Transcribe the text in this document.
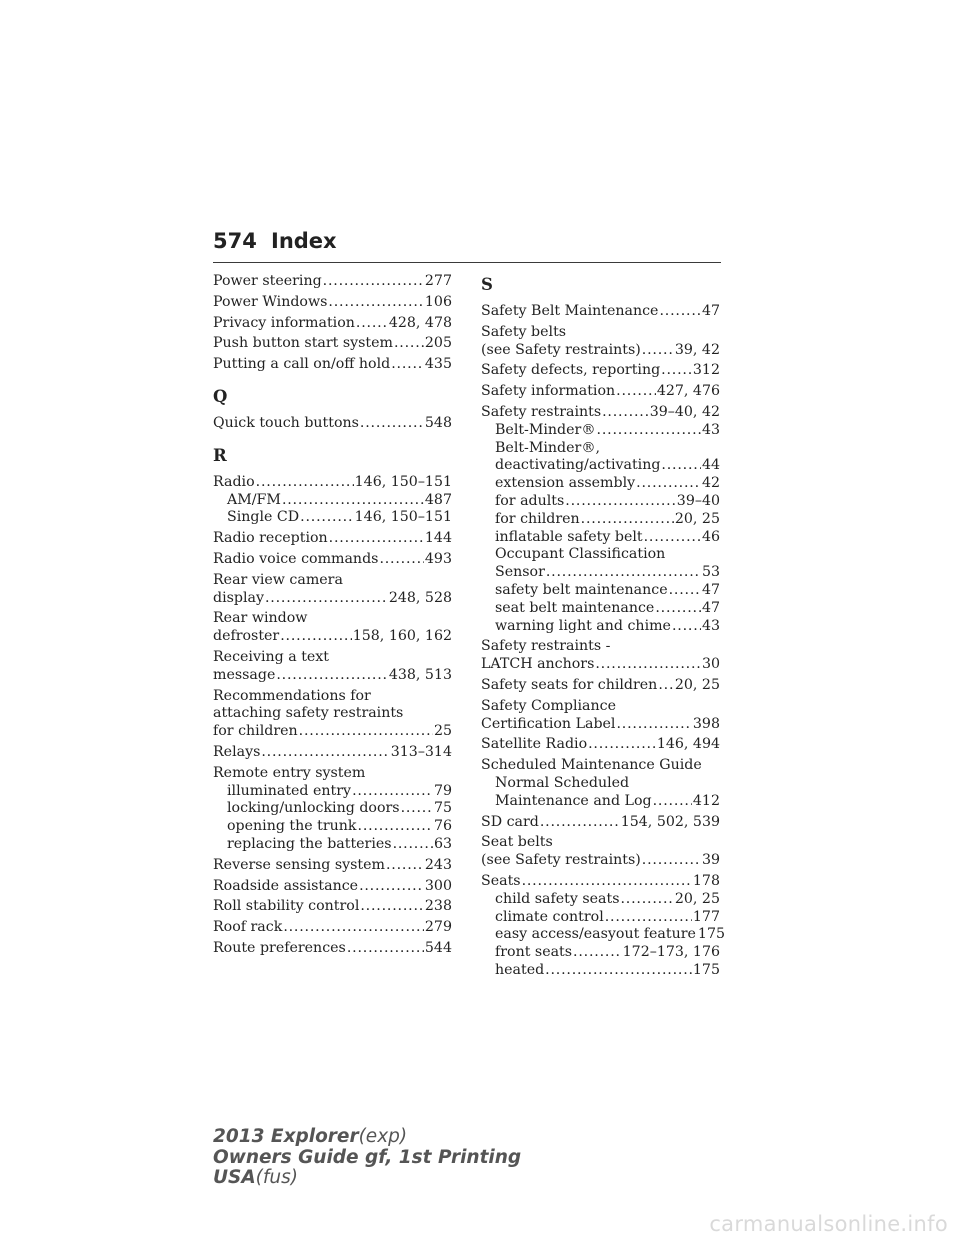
574 Index
Power steering .....	277
Power Windows .....	106
Privacy information ..... 428, 478
Push button start system ..... 205
Putting a call on/off hold ..... 435
Q
Quick touch buttons .....	548
R
Radio .....	146, 150–151
AM/FM .....	487
Single CD .....	146, 150–151
Radio reception .....	144
Radio voice commands .....	493
Rear view camera
display .....	248, 528
Rear window
defroster .....	158, 160, 162
Receiving a text
message .....	438, 513
Recommendations for
attaching safety restraints
for children .....	25
Relays .....	313–314
Remote entry system
illuminated entry .....	79
locking/unlocking doors ..... 75
opening the trunk .....	76
replacing the batteries .....	63
Reverse sensing system .....	243
Roadside assistance .....	300
Roll stability control .....	238
Roof rack .....	279
Route preferences .....	544
S
Safety Belt Maintenance .....	47
Safety belts
(see Safety restraints) ..... 39, 42
Safety defects, reporting ..... 312
Safety information .....	427, 476
Safety restraints .....	39–40, 42
Belt-Minder® .....	43
Belt-Minder®,
deactivating/activating .....	44
extension assembly .....	42
for adults .....	39–40
for children .....	20, 25
inflatable safety belt .....	46
Occupant Classification
Sensor .....	53
safety belt maintenance ..... 47
seat belt maintenance .....	47
warning light and chime ..... 43
Safety restraints -
LATCH anchors .....	30
Safety seats for children ..... 20, 25
Safety Compliance
Certification Label .....	398
Satellite Radio .....	146, 494
Scheduled Maintenance Guide
Normal Scheduled
Maintenance and Log .....	412
SD card .....	154, 502, 539
Seat belts
(see Safety restraints) .....	39
Seats .....	178
child safety seats .....	20, 25
climate control .....	177
easy access/easyout feature 175
front seats .....	172–173, 176
heated .....	175
2013 Explorer(exp)
Owners Guide gf, 1st Printing
USA(fus)
carmanualsonline.info
